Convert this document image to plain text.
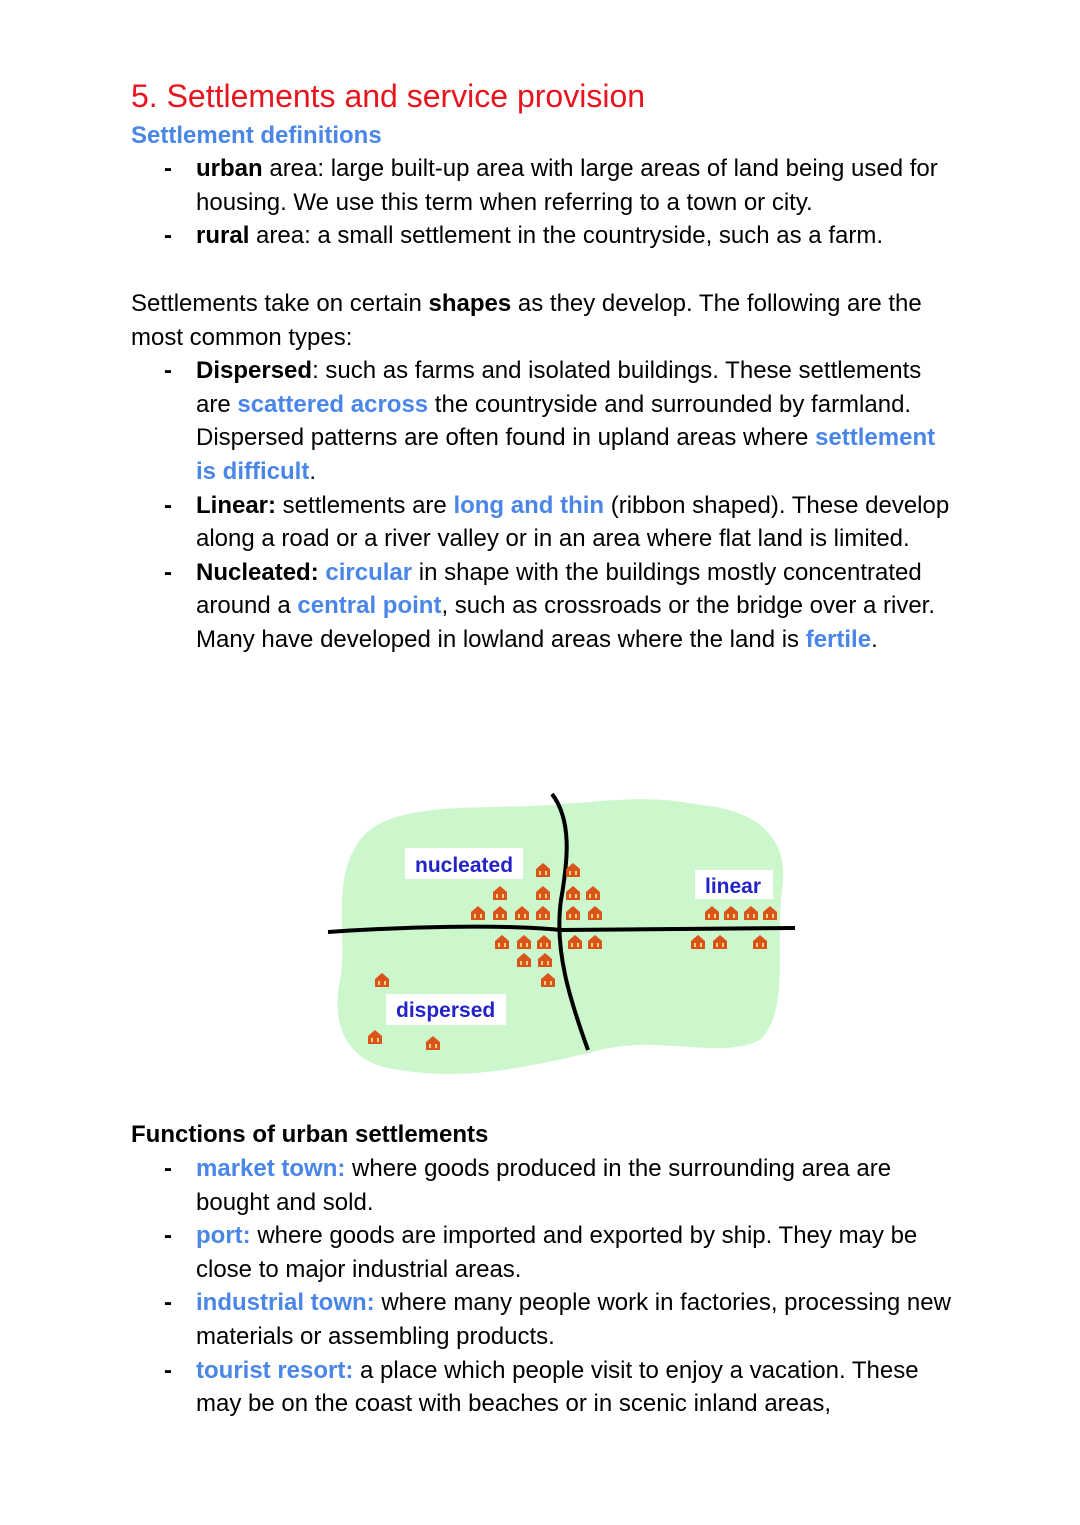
5. Settlements and service provision
Settlement definitions
- urban area: large built-up area with large areas of land being used for housing. We use this term when referring to a town or city.
- rural area: a small settlement in the countryside, such as a farm.
Settlements take on certain shapes as they develop. The following are the most common types:
- Dispersed: such as farms and isolated buildings. These settlements are scattered across the countryside and surrounded by farmland. Dispersed patterns are often found in upland areas where settlement is difficult.
- Linear: settlements are long and thin (ribbon shaped). These develop along a road or a river valley or in an area where flat land is limited.
- Nucleated: circular in shape with the buildings mostly concentrated around a central point, such as crossroads or the bridge over a river. Many have developed in lowland areas where the land is fertile.
nucleated
linear
dispersed
Functions of urban settlements
- market town: where goods produced in the surrounding area are bought and sold.
- port: where goods are imported and exported by ship. They may be close to major industrial areas.
- industrial town: where many people work in factories, processing new materials or assembling products.
- tourist resort: a place which people visit to enjoy a vacation. These may be on the coast with beaches or in scenic inland areas,
